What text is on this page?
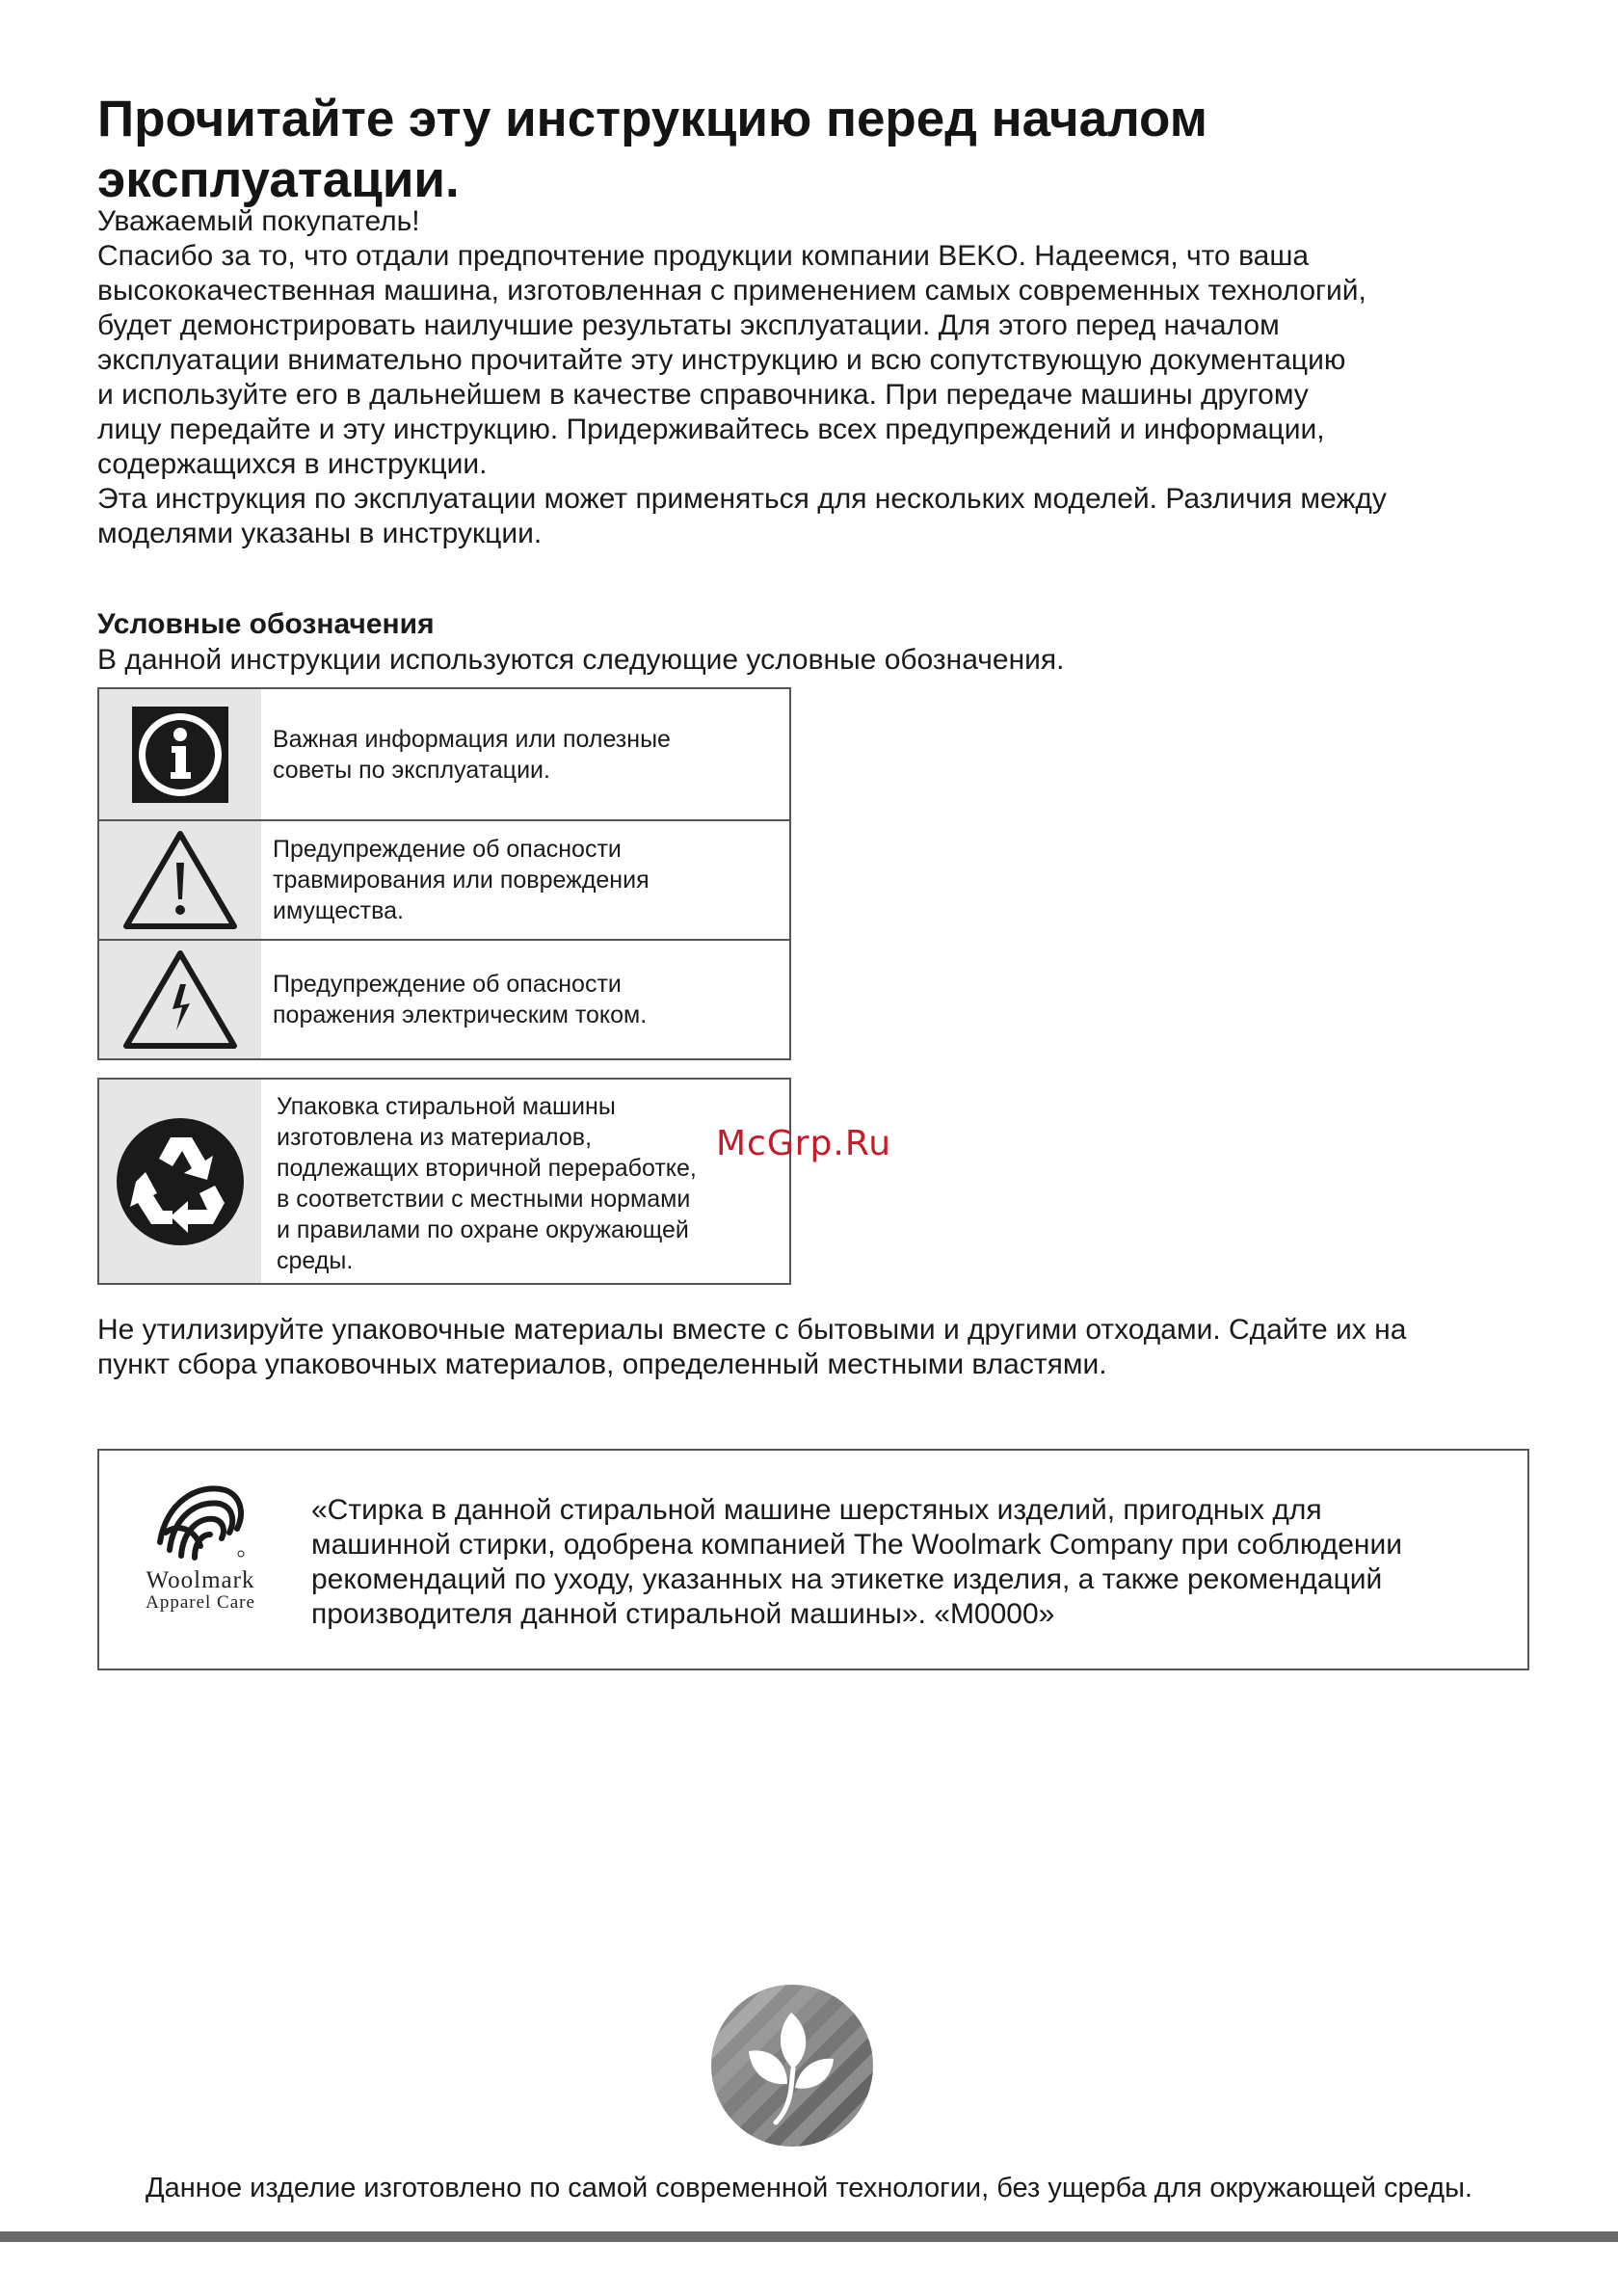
Прочитайте эту инструкцию перед началом
эксплуатации.

Уважаемый покупатель!

Спасибо за то, что отдали предпочтение продукции компании BEKO. Надеемся, что ваша
высококачественная машина, изготовленная с применением самых современных технологий,
будет демонстрировать наилучшие результаты эксплуатации. Для этого перед началом
эксплуатации внимательно прочитайте эту инструкцию и всю сопутствующую документацию
и используйте его в дальнейшем в качестве справочника. При передаче машины другому
лицу передайте и эту инструкцию. Придерживайтесь всех предупреждений и информации,
содержащихся в инструкции.

Эта инструкция по эксплуатации может применяться для нескольких моделей. Различия между
моделями указаны в инструкции.

Условные обозначения

В данной инструкции используются следующие условные обозначения.

Важная информация или полезные
советы по эксплуатации.
Предупреждение об опасности
травмирования или повреждения
имущества.
Предупреждение об опасности
поражения электрическим током.
Упаковка стиральной машины
изготовлена из материалов,
подлежащих вторичной переработке,
в соответствии с местными нормами
и правилами по охране окружающей
среды.
McGrp.Ru

Не утилизируйте упаковочные материалы вместе с бытовыми и другими отходами. Сдайте их на
пункт сбора упаковочных материалов, определенный местными властями.

Woolmark
Apparel Care

«Стирка в данной стиральной машине шерстяных изделий, пригодных для
машинной стирки, одобрена компанией The Woolmark Company при соблюдении
рекомендаций по уходу, указанных на этикетке изделия, а также рекомендаций
производителя данной стиральной машины». «M0000»

Данное изделие изготовлено по самой современной технологии, без ущерба для окружающей среды.
